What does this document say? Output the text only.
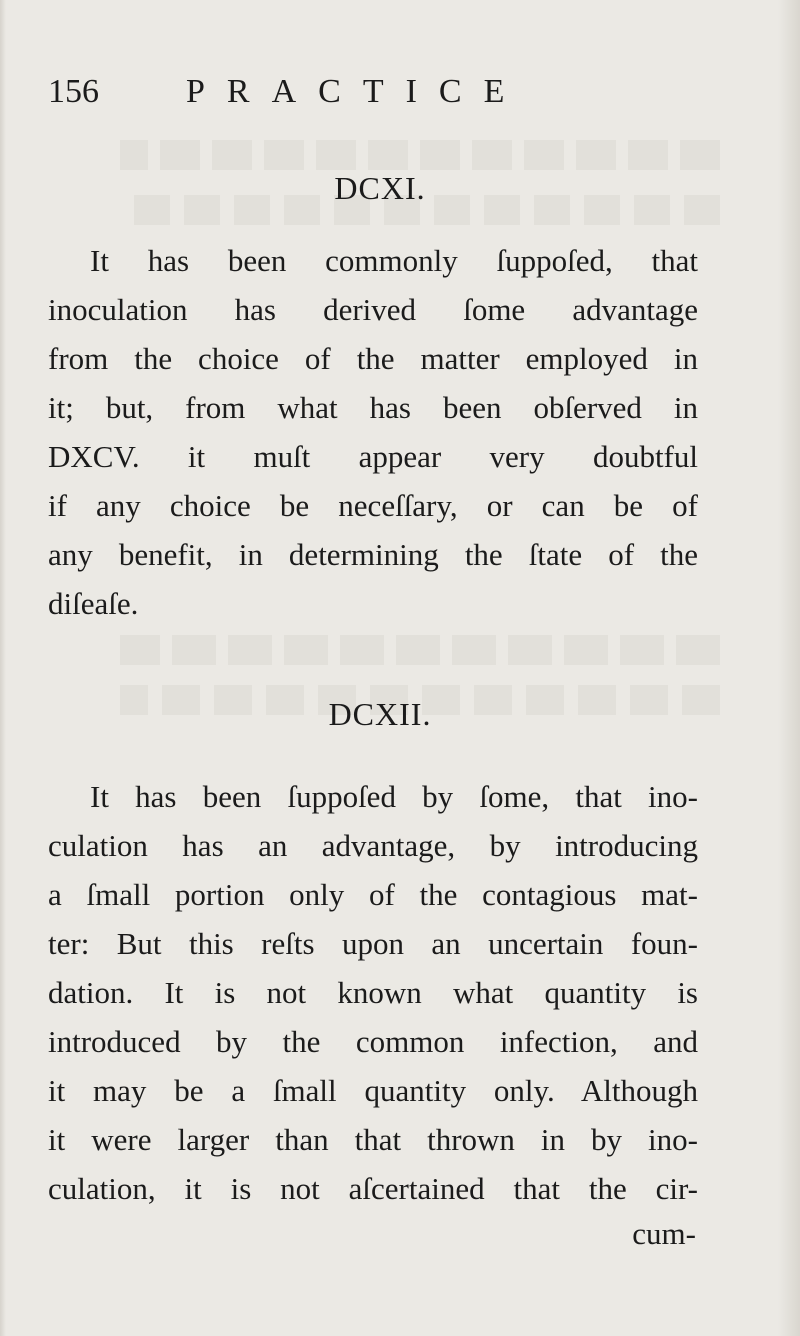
156	PRACTICE
DCXI.
It has been commonly ſuppoſed, that
inoculation has derived ſome advantage
from the choice of the matter employed in
it; but, from what has been obſerved in
DXCV. it muſt appear very doubtful
if any choice be neceſſary, or can be of
any benefit, in determining the ſtate of the
diſeaſe.
DCXII.
It has been ſuppoſed by ſome, that ino-
culation has an advantage, by introducing
a ſmall portion only of the contagious mat-
ter: But this reſts upon an uncertain foun-
dation. It is not known what quantity is
introduced by the common infection, and
it may be a ſmall quantity only. Although
it were larger than that thrown in by ino-
culation, it is not aſcertained that the cir-
cum-
